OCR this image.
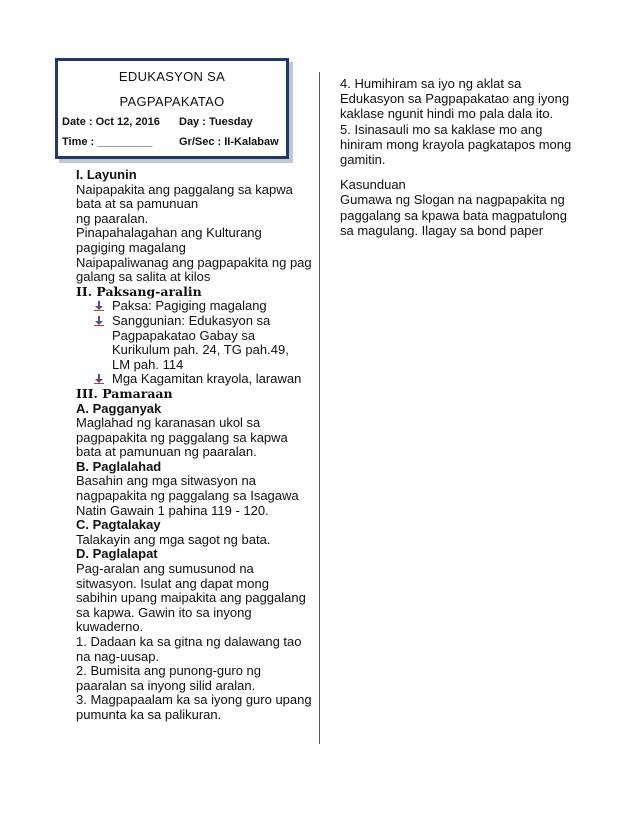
EDUKASYON SA
PAGPAPAKATAO
Date : Oct 12, 2016 Day : Tuesday
Time : _________ Gr/Sec : II-Kalabaw
I. Layunin
Naipapakita ang paggalang sa kapwa
bata at sa pamunuan
ng paaralan.
Pinapahalagahan ang Kulturang
pagiging magalang
Naipapaliwanag ang pagpapakita ng pag
galang sa salita at kilos
II. Paksang-aralin
Paksa: Pagiging magalang
Sanggunian: Edukasyon sa
Pagpapakatao Gabay sa
Kurikulum pah. 24, TG pah.49,
LM pah. 114
Mga Kagamitan krayola, larawan
III. Pamaraan
A. Pagganyak
Maglahad ng karanasan ukol sa
pagpapakita ng paggalang sa kapwa
bata at pamunuan ng paaralan.
B. Paglalahad
Basahin ang mga sitwasyon na
nagpapakita ng paggalang sa Isagawa
Natin Gawain 1 pahina 119 - 120.
C. Pagtalakay
Talakayin ang mga sagot ng bata.
D. Paglalapat
Pag-aralan ang sumusunod na
sitwasyon. Isulat ang dapat mong
sabihin upang maipakita ang paggalang
sa kapwa. Gawin ito sa inyong
kuwaderno.
1. Dadaan ka sa gitna ng dalawang tao
na nag-uusap.
2. Bumisita ang punong-guro ng
paaralan sa inyong silid aralan.
3. Magpapaalam ka sa iyong guro upang
pumunta ka sa palikuran.
4. Humihiram sa iyo ng aklat sa
Edukasyon sa Pagpapakatao ang iyong
kaklase ngunit hindi mo pala dala ito.
5. Isinasauli mo sa kaklase mo ang
hiniram mong krayola pagkatapos mong
gamitin.
Kasunduan
Gumawa ng Slogan na nagpapakita ng
paggalang sa kpawa bata magpatulong
sa magulang. Ilagay sa bond paper
